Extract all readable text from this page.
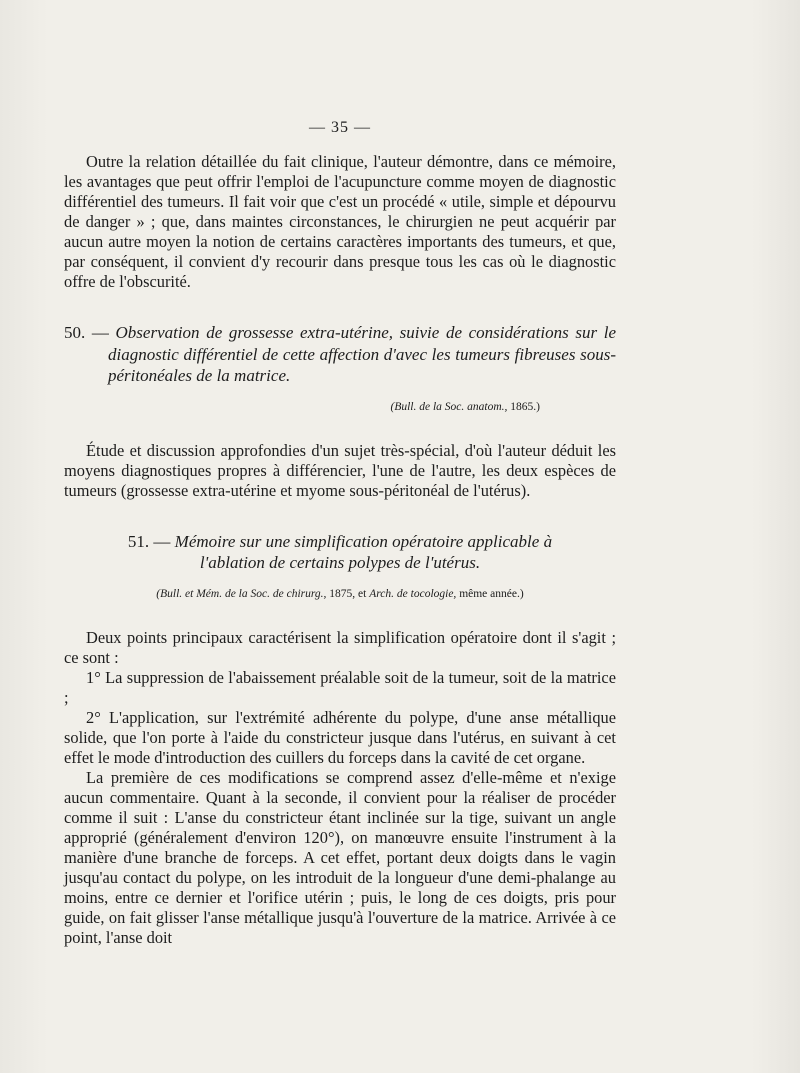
— 35 —

Outre la relation détaillée du fait clinique, l'auteur démontre, dans ce mémoire, les avantages que peut offrir l'emploi de l'acupuncture comme moyen de diagnostic différentiel des tumeurs. Il fait voir que c'est un procédé « utile, simple et dépourvu de danger » ; que, dans maintes circonstances, le chirurgien ne peut acquérir par aucun autre moyen la notion de certains caractères importants des tumeurs, et que, par conséquent, il convient d'y recourir dans presque tous les cas où le diagnostic offre de l'obscurité.

50. — Observation de grossesse extra-utérine, suivie de considérations sur le diagnostic différentiel de cette affection d'avec les tumeurs fibreuses sous-péritonéales de la matrice.
(Bull. de la Soc. anatom., 1865.)

Étude et discussion approfondies d'un sujet très-spécial, d'où l'auteur déduit les moyens diagnostiques propres à différencier, l'une de l'autre, les deux espèces de tumeurs (grossesse extra-utérine et myome sous-péritonéal de l'utérus).

51. — Mémoire sur une simplification opératoire applicable à
l'ablation de certains polypes de l'utérus.
(Bull. et Mém. de la Soc. de chirurg., 1875, et Arch. de tocologie, même année.)

Deux points principaux caractérisent la simplification opératoire dont il s'agit ; ce sont :

1° La suppression de l'abaissement préalable soit de la tumeur, soit de la matrice ;

2° L'application, sur l'extrémité adhérente du polype, d'une anse métallique solide, que l'on porte à l'aide du constricteur jusque dans l'utérus, en suivant à cet effet le mode d'introduction des cuillers du forceps dans la cavité de cet organe.

La première de ces modifications se comprend assez d'elle-même et n'exige aucun commentaire. Quant à la seconde, il convient pour la réaliser de procéder comme il suit : L'anse du constricteur étant inclinée sur la tige, suivant un angle approprié (généralement d'environ 120°), on manœuvre ensuite l'instrument à la manière d'une branche de forceps. A cet effet, portant deux doigts dans le vagin jusqu'au contact du polype, on les introduit de la longueur d'une demi-phalange au moins, entre ce dernier et l'orifice utérin ; puis, le long de ces doigts, pris pour guide, on fait glisser l'anse métallique jusqu'à l'ouverture de la matrice. Arrivée à ce point, l'anse doit
